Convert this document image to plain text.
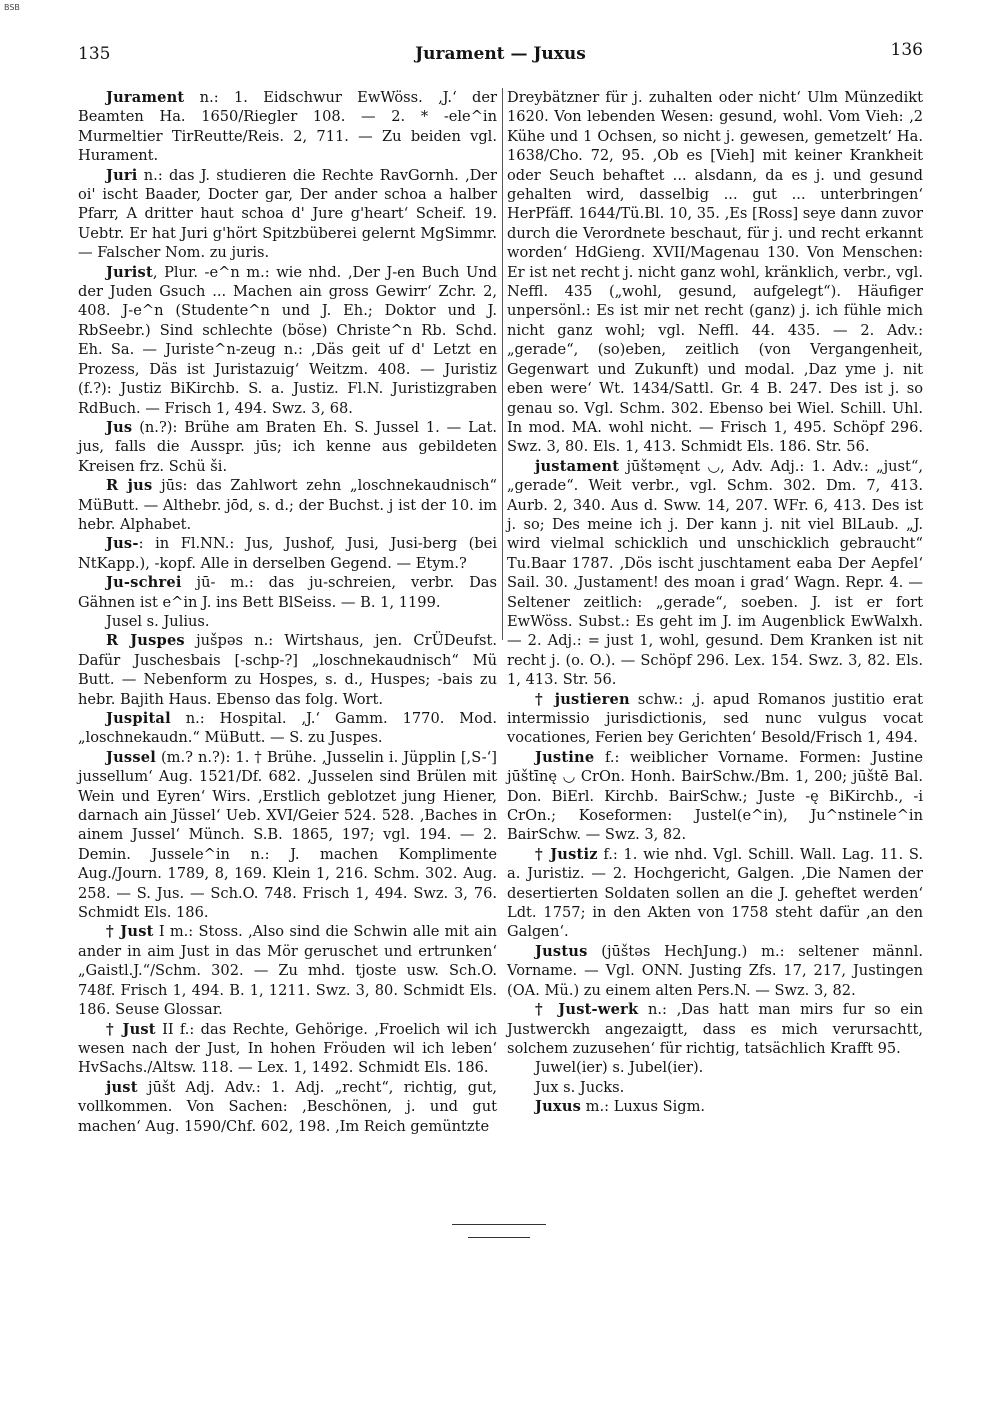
BSB
135	Jurament — Juxus	136

Jurament n.: 1. Eidschwur EwWöss. ‚J.‘ der Beamten Ha. 1650/Riegler 108. — 2. * -ele^in Murmeltier TirReutte/Reis. 2, 711. — Zu beiden vgl. Hurament.

Juri n.: das J. studieren die Rechte RavGornh. ‚Der oi' ischt Baader, Docter gar, Der ander schoa a halber Pfarr, A dritter haut schoa d' Jure g'heart‘ Scheif. 19. Uebtr. Er hat Juri g'hört Spitzbüberei gelernt MgSimmr. — Falscher Nom. zu juris.

Jurist, Plur. -e^n m.: wie nhd. ‚Der J-en Buch Und der Juden Gsuch ... Machen ain gross Gewirr‘ Zchr. 2, 408. J-e^n (Studente^n und J. Eh.; Doktor und J. RbSeebr.) Sind schlechte (böse) Christe^n Rb. Schd. Eh. Sa. — Juriste^n-zeug n.: ‚Däs geit uf d' Letzt en Prozess, Däs ist Juristazuig‘ Weitzm. 408. — Juristiz (f.?): Justiz BiKirchb. S. a. Justiz. Fl.N. Juristizgraben RdBuch. — Frisch 1, 494. Swz. 3, 68.

Jus (n.?): Brühe am Braten Eh. S. Jussel 1. — Lat. jus, falls die Ausspr. jūs; ich kenne aus gebildeten Kreisen frz. Schü ši.

R jus jūs: das Zahlwort zehn „loschnekaudnisch“ MüButt. — Althebr. jōd, s. d.; der Buchst. j ist der 10. im hebr. Alphabet.

Jus-: in Fl.NN.: Jus, Jushof, Jusi, Jusi-berg (bei NtKapp.), -kopf. Alle in derselben Gegend. — Etym.?

Ju-schrei jū- m.: das ju-schreien, verbr. Das Gähnen ist e^in J. ins Bett BlSeiss. — B. 1, 1199.

Jusel s. Julius.

R Juspes jušpəs n.: Wirtshaus, jen. CrÜDeufst. Dafür Juschesbais [-schp-?] „loschnekaudnisch“ Mü Butt. — Nebenform zu Hospes, s. d., Huspes; -bais zu hebr. Bajith Haus. Ebenso das folg. Wort.

Juspital n.: Hospital. ‚J.‘ Gamm. 1770. Mod. „loschnekaudn.“ MüButt. — S. zu Juspes.

Jussel (m.? n.?): 1. † Brühe. ‚Jusselin i. Jüpplin [,S-‘] jussellum‘ Aug. 1521/Df. 682. ‚Jusselen sind Brülen mit Wein und Eyren‘ Wirs. ‚Erstlich geblotzet jung Hiener, darnach ain Jüssel‘ Ueb. XVI/Geier 524. 528. ‚Baches in ainem Jussel‘ Münch. S.B. 1865, 197; vgl. 194. — 2. Demin. Jussele^in n.: J. machen Komplimente Aug./Journ. 1789, 8, 169. Klein 1, 216. Schm. 302. Aug. 258. — S. Jus. — Sch.O. 748. Frisch 1, 494. Swz. 3, 76. Schmidt Els. 186.

† Just I m.: Stoss. ‚Also sind die Schwin alle mit ain ander in aim Just in das Mör geruschet und ertrunken‘ „Gaistl.J.“/Schm. 302. — Zu mhd. tjoste usw. Sch.O. 748f. Frisch 1, 494. B. 1, 1211. Swz. 3, 80. Schmidt Els. 186. Seuse Glossar.

† Just II f.: das Rechte, Gehörige. ‚Froelich wil ich wesen nach der Just, In hohen Fröuden wil ich leben‘ HvSachs./Altsw. 118. — Lex. 1, 1492. Schmidt Els. 186.

just jūšt Adj. Adv.: 1. Adj. „recht“, richtig, gut, vollkommen. Von Sachen: ‚Beschönen, j. und gut machen‘ Aug. 1590/Chf. 602, 198. ‚Im Reich gemüntzte

Dreybätzner für j. zuhalten oder nicht‘ Ulm Münzedikt 1620. Von lebenden Wesen: gesund, wohl. Vom Vieh: ‚2 Kühe und 1 Ochsen, so nicht j. gewesen, gemetzelt‘ Ha. 1638/Cho. 72, 95. ‚Ob es [Vieh] mit keiner Krankheit oder Seuch behaftet ... alsdann, da es j. und gesund gehalten wird, dasselbig ... gut ... unterbringen‘ HerPfäff. 1644/Tü.Bl. 10, 35. ‚Es [Ross] seye dann zuvor durch die Verordnete beschaut, für j. und recht erkannt worden‘ HdGieng. XVII/Magenau 130. Von Menschen: Er ist net recht j. nicht ganz wohl, kränklich, verbr., vgl. Neffl. 435 („wohl, gesund, aufgelegt“). Häufiger unpersönl.: Es ist mir net recht (ganz) j. ich fühle mich nicht ganz wohl; vgl. Neffl. 44. 435. — 2. Adv.: „gerade“, (so)eben, zeitlich (von Vergangenheit, Gegenwart und Zukunft) und modal. ‚Daz yme j. nit eben were‘ Wt. 1434/Sattl. Gr. 4 B. 247. Des ist j. so genau so. Vgl. Schm. 302. Ebenso bei Wiel. Schill. Uhl. In mod. MA. wohl nicht. — Frisch 1, 495. Schöpf 296. Swz. 3, 80. Els. 1, 413. Schmidt Els. 186. Str. 56.

justament jūštəmęnt ◡, Adv. Adj.: 1. Adv.: „just“, „gerade“. Weit verbr., vgl. Schm. 302. Dm. 7, 413. Aurb. 2, 340. Aus d. Sww. 14, 207. WFr. 6, 413. Des ist j. so; Des meine ich j. Der kann j. nit viel BlLaub. „J. wird vielmal schicklich und unschicklich gebraucht“ Tu.Baar 1787. ‚Dös ischt juschtament eaba Der Aepfel‘ Sail. 30. ‚Justament! des moan i grad‘ Wagn. Repr. 4. — Seltener zeitlich: „gerade“, soeben. J. ist er fort EwWöss. Subst.: Es geht im J. im Augenblick EwWalxh. — 2. Adj.: = just 1, wohl, gesund. Dem Kranken ist nit recht j. (o. O.). — Schöpf 296. Lex. 154. Swz. 3, 82. Els. 1, 413. Str. 56.

† justieren schw.: ‚j. apud Romanos justitio erat intermissio jurisdictionis, sed nunc vulgus vocat vocationes, Ferien bey Gerichten‘ Besold/Frisch 1, 494.

Justine f.: weiblicher Vorname. Formen: Justine jūštīnę ◡ CrOn. Honh. BairSchw./Bm. 1, 200; jūštē Bal. Don. BiErl. Kirchb. BairSchw.; Juste -ę BiKirchb., -i CrOn.; Koseformen: Justel(e^in), Ju^nstinele^in BairSchw. — Swz. 3, 82.

† Justiz f.: 1. wie nhd. Vgl. Schill. Wall. Lag. 11. S. a. Juristiz. — 2. Hochgericht, Galgen. ‚Die Namen der desertierten Soldaten sollen an die J. geheftet werden‘ Ldt. 1757; in den Akten von 1758 steht dafür ‚an den Galgen‘.

Justus (jūštəs HechJung.) m.: seltener männl. Vorname. — Vgl. ONN. Justing Zfs. 17, 217, Justingen (OA. Mü.) zu einem alten Pers.N. — Swz. 3, 82.

† Just-werk n.: ‚Das hatt man mirs fur so ein Justwerckh angezaigtt, dass es mich verursachtt, solchem zuzusehen‘ für richtig, tatsächlich Krafft 95.

Juwel(ier) s. Jubel(ier).

Jux s. Jucks.

Juxus m.: Luxus Sigm.
